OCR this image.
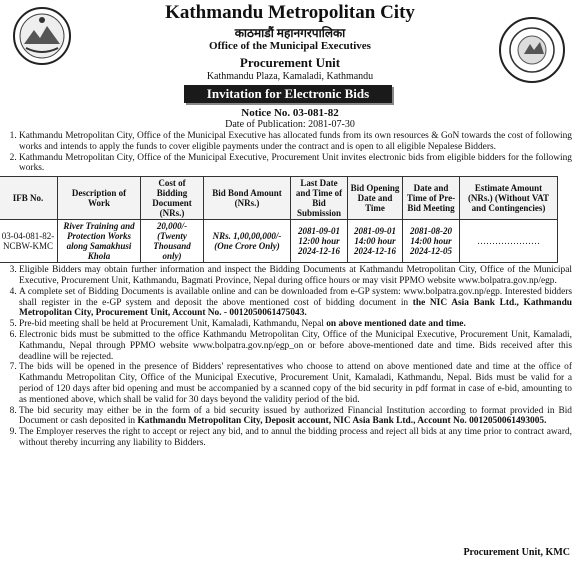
Kathmandu Metropolitan City
काठमाडौं महानगरपालिका
Office of the Municipal Executives
Procurement Unit
Kathmandu Plaza, Kamaladi, Kathmandu
Invitation for Electronic Bids
Notice No. 03-081-82
Date of Publication: 2081-07-30
1. Kathmandu Metropolitan City, Office of the Municipal Executive has allocated funds from its own resources & GoN towards the cost of following works and intends to apply the funds to cover eligible payments under the contract and is open to all eligible Nepalese Bidders.
2. Kathmandu Metropolitan City, Office of the Municipal Executive, Procurement Unit invites electronic bids from eligible bidders for the following works.
IFB No.	Description of Work	Cost of Bidding Document (NRs.)	Bid Bond Amount (NRs.)	Last Date and Time of Bid Submission	Bid Opening Date and Time	Date and Time of Pre-Bid Meeting	Estimate Amount (NRs.) (Without VAT and Contingencies)
03-04-081-82-NCBW-KMC	River Training and Protection Works along Samakhusi Khola	20,000/-(Twenty Thousand only)	NRs. 1,00,00,000/-(One Crore Only)	2081-09-01 12:00 hour 2024-12-16	2081-09-01 14:00 hour 2024-12-16	2081-08-20 14:00 hour 2024-12-05	…………………
3. Eligible Bidders may obtain further information and inspect the Bidding Documents at Kathmandu Metropolitan City, Office of the Municipal Executive, Procurement Unit, Kathmandu, Bagmati Province, Nepal during office hours or may visit PPMO website www.bolpatra.gov.np/egp.
4. A complete set of Bidding Documents is available online and can be downloaded from e-GP system: www.bolpatra.gov.np/egp. Interested bidders shall register in the e-GP system and deposit the above mentioned cost of bidding document in the NIC Asia Bank Ltd., Kathmandu Metropolitan City, Procurement Unit, Account No. - 0012050061475043.
5. Pre-bid meeting shall be held at Procurement Unit, Kamaladi, Kathmandu, Nepal on above mentioned date and time.
6. Electronic bids must be submitted to the office Kathmandu Metropolitan City, Office of the Municipal Executive, Procurement Unit, Kamaladi, Kathmandu, Nepal through PPMO website www.bolpatra.gov.np/egp_on or before above-mentioned date and time. Bids received after this deadline will be rejected.
7. The bids will be opened in the presence of Bidders' representatives who choose to attend on above mentioned date and time at the office of Kathmandu Metropolitan City, Office of the Municipal Executive, Procurement Unit, Kamaladi, Kathmandu, Nepal. Bids must be valid for a period of 120 days after bid opening and must be accompanied by a scanned copy of the bid security in pdf format in case of e-bid, amounting to as mentioned above, which shall be valid for 30 days beyond the validity period of the bid.
8. The bid security may either be in the form of a bid security issued by authorized Financial Institution according to format provided in Bid Document or cash deposited in Kathmandu Metropolitan City, Deposit account, NIC Asia Bank Ltd., Account No. 0012050061493005.
9. The Employer reserves the right to accept or reject any bid, and to annul the bidding process and reject all bids at any time prior to contract award, without thereby incurring any liability to Bidders.
Procurement Unit, KMC
